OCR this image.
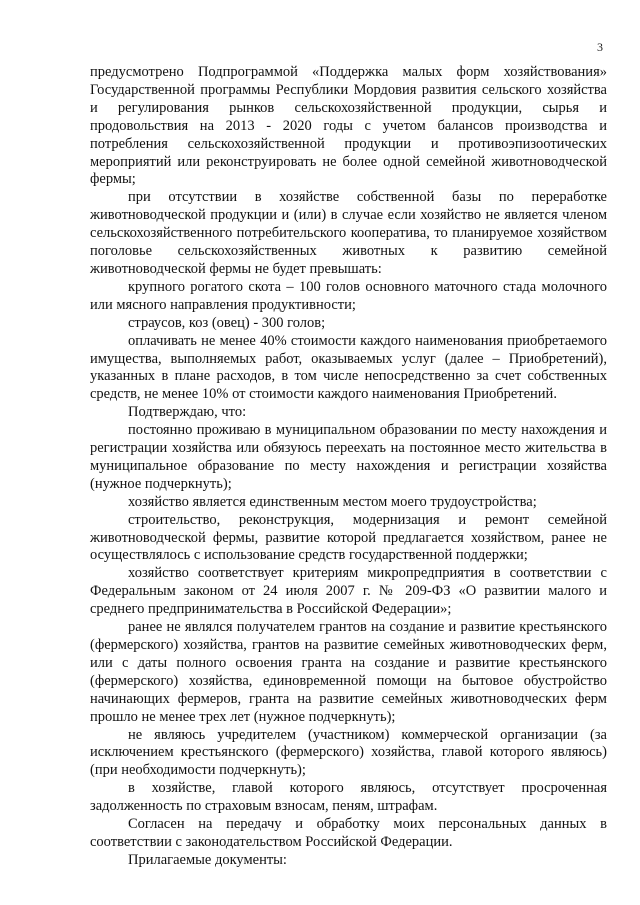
3

предусмотрено Подпрограммой «Поддержка малых форм хозяйствования» Государственной программы Республики Мордовия развития сельского хозяйства и регулирования рынков сельскохозяйственной продукции, сырья и продовольствия на 2013 - 2020 годы с учетом балансов производства и потребления сельскохозяйственной продукции и противоэпизоотических мероприятий или реконструировать не более одной семейной животноводческой фермы;

при отсутствии в хозяйстве собственной базы по переработке животноводческой продукции и (или) в случае если хозяйство не является членом сельскохозяйственного потребительского кооператива, то планируемое хозяйством поголовье сельскохозяйственных животных к развитию семейной животноводческой фермы не будет превышать:

крупного рогатого скота – 100 голов основного маточного стада молочного или мясного направления продуктивности;

страусов, коз (овец) - 300 голов;

оплачивать не менее 40% стоимости каждого наименования приобретаемого имущества, выполняемых работ, оказываемых услуг (далее – Приобретений), указанных в плане расходов, в том числе непосредственно за счет собственных средств, не менее 10% от стоимости каждого наименования Приобретений.

Подтверждаю, что:

постоянно проживаю в муниципальном образовании по месту нахождения и регистрации хозяйства или обязуюсь переехать на постоянное место жительства в муниципальное образование по месту нахождения и регистрации хозяйства (нужное подчеркнуть);

хозяйство является единственным местом моего трудоустройства;

строительство, реконструкция, модернизация и ремонт семейной животноводческой фермы, развитие которой предлагается хозяйством, ранее не осуществлялось с использование средств государственной поддержки;

хозяйство соответствует критериям микропредприятия в соответствии с Федеральным законом от 24 июля 2007 г. № 209-ФЗ «О развитии малого и среднего предпринимательства в Российской Федерации»;

ранее не являлся получателем грантов на создание и развитие крестьянского (фермерского) хозяйства, грантов на развитие семейных животноводческих ферм, или с даты полного освоения гранта на создание и развитие крестьянского (фермерского) хозяйства, единовременной помощи на бытовое обустройство начинающих фермеров, гранта на развитие семейных животноводческих ферм прошло не менее трех лет (нужное подчеркнуть);

не являюсь учредителем (участником) коммерческой организации (за исключением крестьянского (фермерского) хозяйства, главой которого являюсь) (при необходимости подчеркнуть);

в хозяйстве, главой которого являюсь, отсутствует просроченная задолженность по страховым взносам, пеням, штрафам.

Согласен на передачу и обработку моих персональных данных в соответствии с законодательством Российской Федерации.

Прилагаемые документы:
